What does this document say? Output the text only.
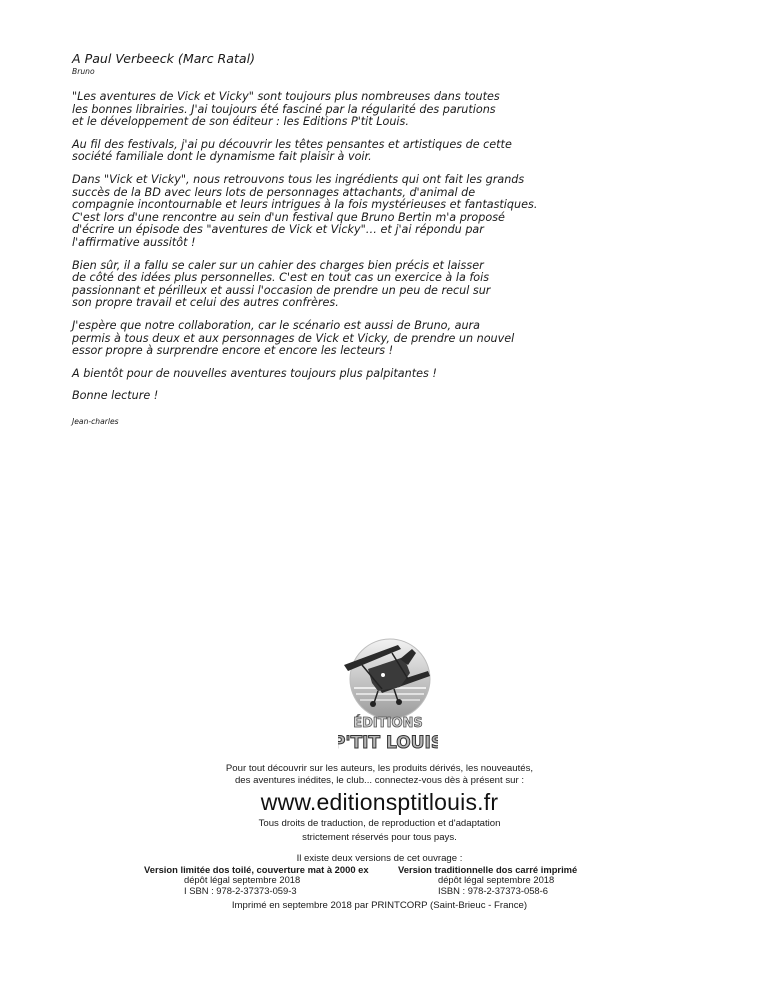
A Paul Verbeeck (Marc Ratal)
Bruno
"Les aventures de Vick et Vicky" sont toujours plus nombreuses dans toutes
les bonnes librairies. J'ai toujours été fasciné par la régularité des parutions
et le développement de son éditeur : les Editions P'tit Louis.
Au fil des festivals, j'ai pu découvrir les têtes pensantes et artistiques de cette
société familiale dont le dynamisme fait plaisir à voir.
Dans "Vick et Vicky", nous retrouvons tous les ingrédients qui ont fait les grands
succès de la BD avec leurs lots de personnages attachants, d'animal de
compagnie incontournable et leurs intrigues à la fois mystérieuses et fantastiques.
C'est lors d'une rencontre au sein d'un festival que Bruno Bertin m'a proposé
d'écrire un épisode des "aventures de Vick et Vicky"… et j'ai répondu par
l'affirmative aussitôt !
Bien sûr, il a fallu se caler sur un cahier des charges bien précis et laisser
de côté des idées plus personnelles. C'est en tout cas un exercice à la fois
passionnant et périlleux et aussi l'occasion de prendre un peu de recul sur
son propre travail et celui des autres confrères.
J'espère que notre collaboration, car le scénario est aussi de Bruno, aura
permis à tous deux et aux personnages de Vick et Vicky, de prendre un nouvel
essor propre à surprendre encore et encore les lecteurs !
A bientôt pour de nouvelles aventures toujours plus palpitantes !
Bonne lecture !
Jean-charles
ÉDITIONS
P'TIT LOUIS
Pour tout découvrir sur les auteurs, les produits dérivés, les nouveautés,
des aventures inédites, le club... connectez-vous dès à présent sur :
www.editionsptitlouis.fr
Tous droits de traduction, de reproduction et d'adaptation
strictement réservés pour tous pays.
Il existe deux versions de cet ouvrage :
Version limitée dos toilé, couverture mat à 2000 ex
dépôt légal septembre 2018
I SBN : 978-2-37373-059-3
Version traditionnelle dos carré imprimé
dépôt légal septembre 2018
ISBN : 978-2-37373-058-6
Imprimé en septembre 2018 par PRINTCORP (Saint-Brieuc - France)
